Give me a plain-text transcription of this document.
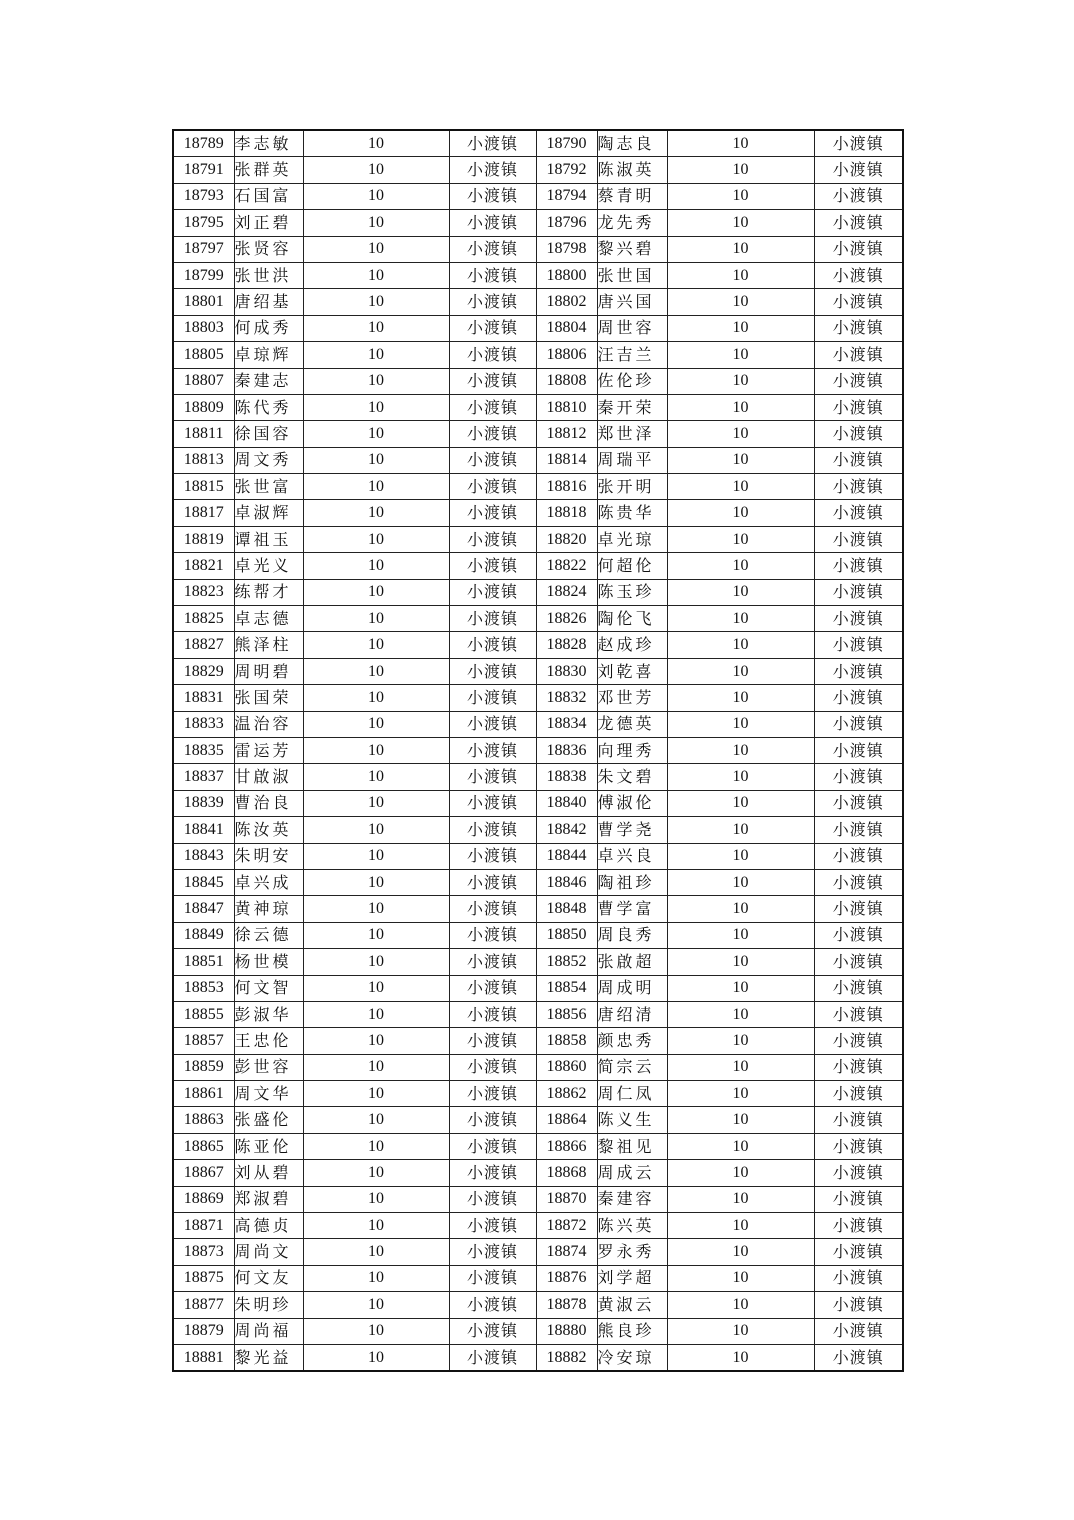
18789	李志敏	10	小渡镇	18790	陶志良	10	小渡镇
18791	张群英	10	小渡镇	18792	陈淑英	10	小渡镇
18793	石国富	10	小渡镇	18794	蔡青明	10	小渡镇
18795	刘正碧	10	小渡镇	18796	龙先秀	10	小渡镇
18797	张贤容	10	小渡镇	18798	黎兴碧	10	小渡镇
18799	张世洪	10	小渡镇	18800	张世国	10	小渡镇
18801	唐绍基	10	小渡镇	18802	唐兴国	10	小渡镇
18803	何成秀	10	小渡镇	18804	周世容	10	小渡镇
18805	卓琼辉	10	小渡镇	18806	汪吉兰	10	小渡镇
18807	秦建志	10	小渡镇	18808	佐伦珍	10	小渡镇
18809	陈代秀	10	小渡镇	18810	秦开荣	10	小渡镇
18811	徐国容	10	小渡镇	18812	郑世泽	10	小渡镇
18813	周文秀	10	小渡镇	18814	周瑞平	10	小渡镇
18815	张世富	10	小渡镇	18816	张开明	10	小渡镇
18817	卓淑辉	10	小渡镇	18818	陈贵华	10	小渡镇
18819	谭祖玉	10	小渡镇	18820	卓光琼	10	小渡镇
18821	卓光义	10	小渡镇	18822	何超伦	10	小渡镇
18823	练帮才	10	小渡镇	18824	陈玉珍	10	小渡镇
18825	卓志德	10	小渡镇	18826	陶伦飞	10	小渡镇
18827	熊泽柱	10	小渡镇	18828	赵成珍	10	小渡镇
18829	周明碧	10	小渡镇	18830	刘乾喜	10	小渡镇
18831	张国荣	10	小渡镇	18832	邓世芳	10	小渡镇
18833	温治容	10	小渡镇	18834	龙德英	10	小渡镇
18835	雷运芳	10	小渡镇	18836	向理秀	10	小渡镇
18837	甘啟淑	10	小渡镇	18838	朱文碧	10	小渡镇
18839	曹治良	10	小渡镇	18840	傅淑伦	10	小渡镇
18841	陈汝英	10	小渡镇	18842	曹学尧	10	小渡镇
18843	朱明安	10	小渡镇	18844	卓兴良	10	小渡镇
18845	卓兴成	10	小渡镇	18846	陶祖珍	10	小渡镇
18847	黄神琼	10	小渡镇	18848	曹学富	10	小渡镇
18849	徐云德	10	小渡镇	18850	周良秀	10	小渡镇
18851	杨世模	10	小渡镇	18852	张啟超	10	小渡镇
18853	何文智	10	小渡镇	18854	周成明	10	小渡镇
18855	彭淑华	10	小渡镇	18856	唐绍清	10	小渡镇
18857	王忠伦	10	小渡镇	18858	颜忠秀	10	小渡镇
18859	彭世容	10	小渡镇	18860	简宗云	10	小渡镇
18861	周文华	10	小渡镇	18862	周仁凤	10	小渡镇
18863	张盛伦	10	小渡镇	18864	陈义生	10	小渡镇
18865	陈亚伦	10	小渡镇	18866	黎祖见	10	小渡镇
18867	刘从碧	10	小渡镇	18868	周成云	10	小渡镇
18869	郑淑碧	10	小渡镇	18870	秦建容	10	小渡镇
18871	高德贞	10	小渡镇	18872	陈兴英	10	小渡镇
18873	周尚文	10	小渡镇	18874	罗永秀	10	小渡镇
18875	何文友	10	小渡镇	18876	刘学超	10	小渡镇
18877	朱明珍	10	小渡镇	18878	黄淑云	10	小渡镇
18879	周尚福	10	小渡镇	18880	熊良珍	10	小渡镇
18881	黎光益	10	小渡镇	18882	冷安琼	10	小渡镇
